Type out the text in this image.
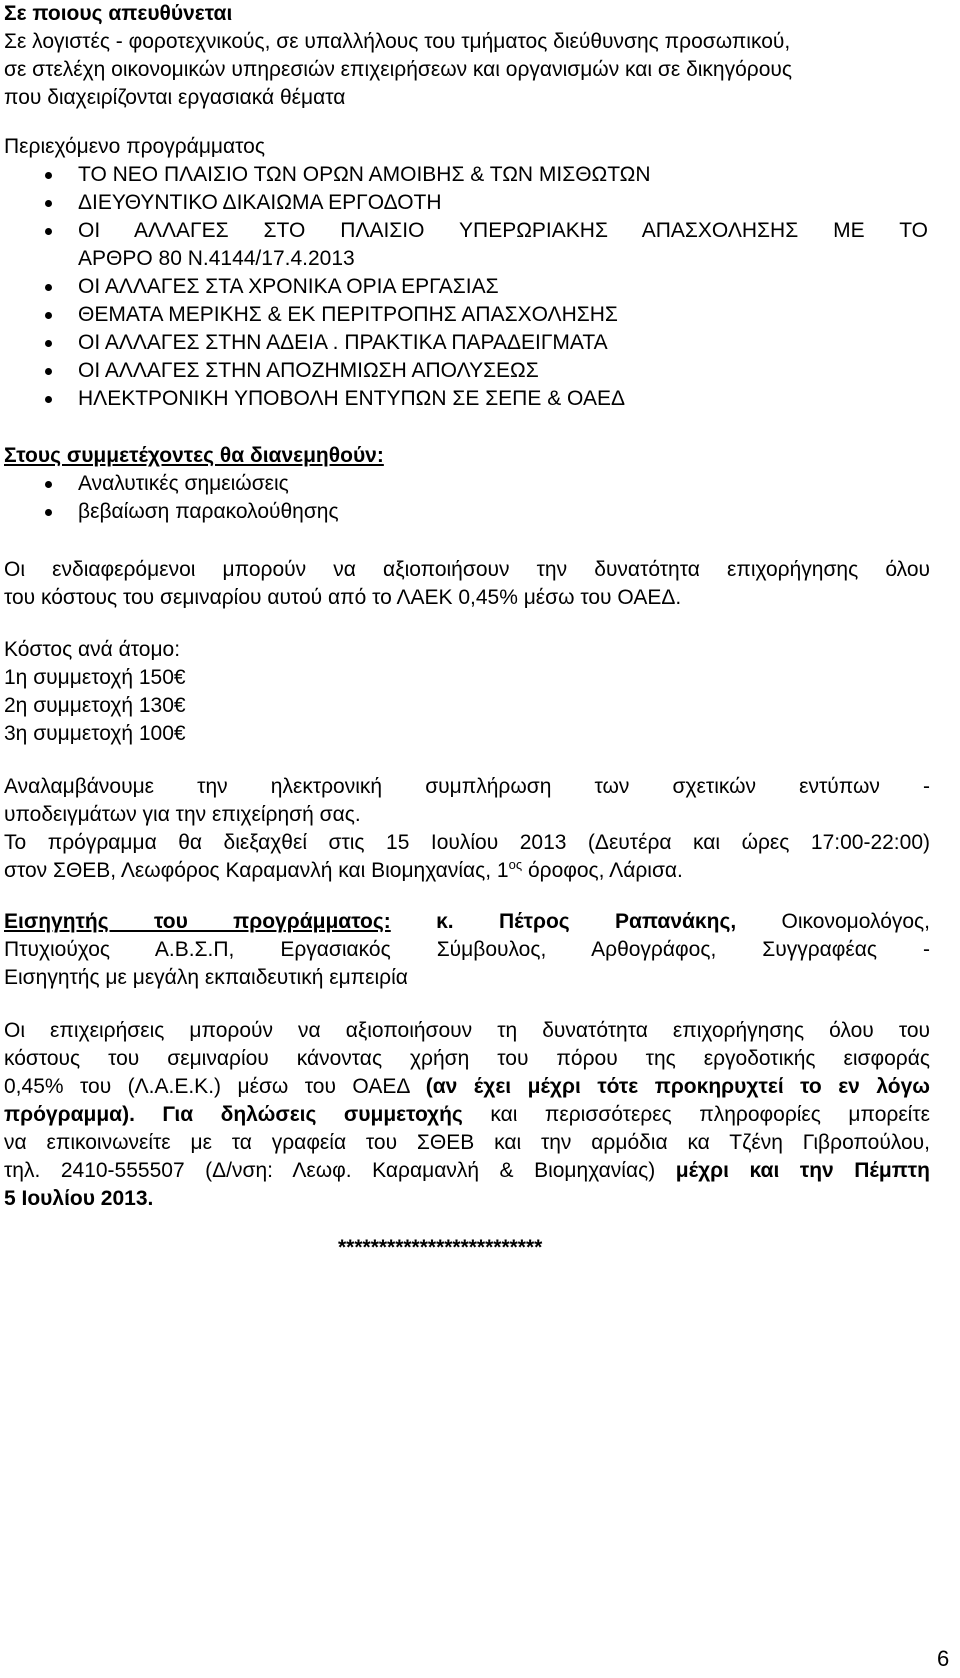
Σε ποιους απευθύνεται
Σε λογιστές - φοροτεχνικούς, σε υπαλλήλους του τμήματος διεύθυνσης προσωπικού,
σε στελέχη οικονομικών υπηρεσιών επιχειρήσεων και οργανισμών και σε δικηγόρους
που διαχειρίζονται εργασιακά θέματα
Περιεχόμενο προγράμματος
ΤΟ ΝΕΟ ΠΛΑΙΣΙΟ ΤΩΝ ΟΡΩΝ ΑΜΟΙΒΗΣ & ΤΩΝ ΜΙΣΘΩΤΩΝ
ΔΙΕΥΘΥΝΤΙΚΟ ΔΙΚΑΙΩΜΑ ΕΡΓΟΔΟΤΗ
ΟΙ ΑΛΛΑΓΕΣ ΣΤΟ ΠΛΑΙΣΙΟ ΥΠΕΡΩΡΙΑΚΗΣ ΑΠΑΣΧΟΛΗΣΗΣ ΜΕ ΤΟ
ΑΡΘΡΟ 80 Ν.4144/17.4.2013
ΟΙ ΑΛΛΑΓΕΣ ΣΤΑ ΧΡΟΝΙΚΑ ΟΡΙΑ ΕΡΓΑΣΙΑΣ
ΘΕΜΑΤΑ ΜΕΡΙΚΗΣ & ΕΚ ΠΕΡΙΤΡΟΠΗΣ ΑΠΑΣΧΟΛΗΣΗΣ
ΟΙ ΑΛΛΑΓΕΣ ΣΤΗΝ ΑΔΕΙΑ . ΠΡΑΚΤΙΚΑ ΠΑΡΑΔΕΙΓΜΑΤΑ
ΟΙ ΑΛΛΑΓΕΣ ΣΤΗΝ ΑΠΟΖΗΜΙΩΣΗ ΑΠΟΛΥΣΕΩΣ
ΗΛΕΚΤΡΟΝΙΚΗ ΥΠΟΒΟΛΗ ΕΝΤΥΠΩΝ ΣΕ ΣΕΠΕ & ΟΑΕΔ
Στους συμμετέχοντες θα διανεμηθούν:
Αναλυτικές σημειώσεις
βεβαίωση παρακολούθησης
Οι ενδιαφερόμενοι μπορούν να αξιοποιήσουν την δυνατότητα επιχορήγησης όλου
του κόστους του σεμιναρίου αυτού από το ΛΑΕΚ 0,45% μέσω του ΟΑΕΔ.
Κόστος ανά άτομο:
1η συμμετοχή 150€
2η συμμετοχή 130€
3η συμμετοχή 100€
Αναλαμβάνουμε την ηλεκτρονική συμπλήρωση των σχετικών εντύπων -
υποδειγμάτων για την επιχείρησή σας.
Το πρόγραμμα θα διεξαχθεί στις 15 Ιουλίου 2013 (Δευτέρα και ώρες 17:00-22:00)
στον ΣΘΕΒ, Λεωφόρος Καραμανλή και Βιομηχανίας, $1^{o\varsigma}$ όροφος, Λάρισα.
Εισηγητής του προγράμματος: κ. Πέτρος Ραπανάκης, Οικονομολόγος,
Πτυχιούχος Α.Β.Σ.Π, Εργασιακός Σύμβουλος, Αρθογράφος, Συγγραφέας -
Εισηγητής με μεγάλη εκπαιδευτική εμπειρία
Οι επιχειρήσεις μπορούν να αξιοποιήσουν τη δυνατότητα επιχορήγησης όλου του
κόστους του σεμιναρίου κάνοντας χρήση του πόρου της εργοδοτικής εισφοράς
0,45% του (Λ.Α.Ε.Κ.) μέσω του ΟΑΕΔ (αν έχει μέχρι τότε προκηρυχτεί το εν λόγω
πρόγραμμα). Για δηλώσεις συμμετοχής και περισσότερες πληροφορίες μπορείτε
να επικοινωνείτε με τα γραφεία του ΣΘΕΒ και την αρμόδια κα Τζένη Γιβροπούλου,
τηλ. 2410-555507 (Δ/νση: Λεωφ. Καραμανλή & Βιομηχανίας) μέχρι και την Πέμπτη
5 Ιουλίου 2013.
*************************
6
